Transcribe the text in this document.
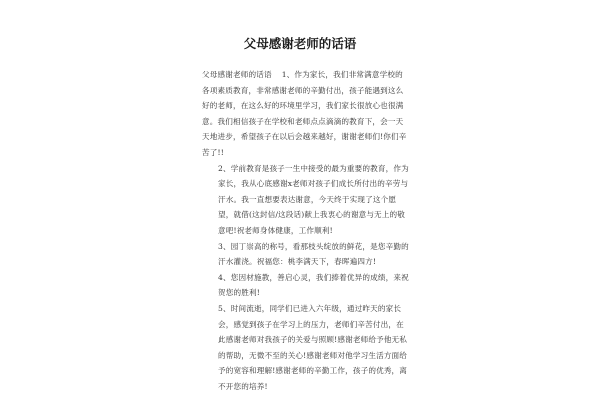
父母感谢老师的话语

父母感谢老师的话语 1、作为家长，我们非常满意学校的各项素质教育，非常感谢老师的辛勤付出，孩子能遇到这么好的老师，在这么好的环境里学习，我们家长很放心也很满意。我们相信孩子在学校和老师点点滴滴的教育下，会一天天地进步，希望孩子在以后会越来越好，谢谢老师们!你们辛苦了!!

2、学前教育是孩子一生中接受的最为重要的教育，作为家长，我从心底感谢x老师对孩子们成长所付出的辛劳与汗水。我一直想要表达谢意，今天终于实现了这个愿望，就借(这封信/这段话)献上我衷心的谢意与无上的敬意吧!祝老师身体健康，工作顺利!

3、园丁崇高的称号，看那枝头绽放的鲜花，是您辛勤的汗水灌浇。祝福您：桃李满天下，春晖遍四方!

4、您因材施教，善启心灵，我们捧着优异的成绩，来祝贺您的胜利!

5、时间流逝，同学们已进入六年级，通过昨天的家长会，感觉到孩子在学习上的压力，老师们辛苦付出，在此感谢老师对我孩子的关爱与照顾!感谢老师给予他无私的帮助，无微不至的关心!感谢老师对他学习生活方面给予的宽容和理解!感谢老师的辛勤工作，孩子的优秀，离不开您的培养!
